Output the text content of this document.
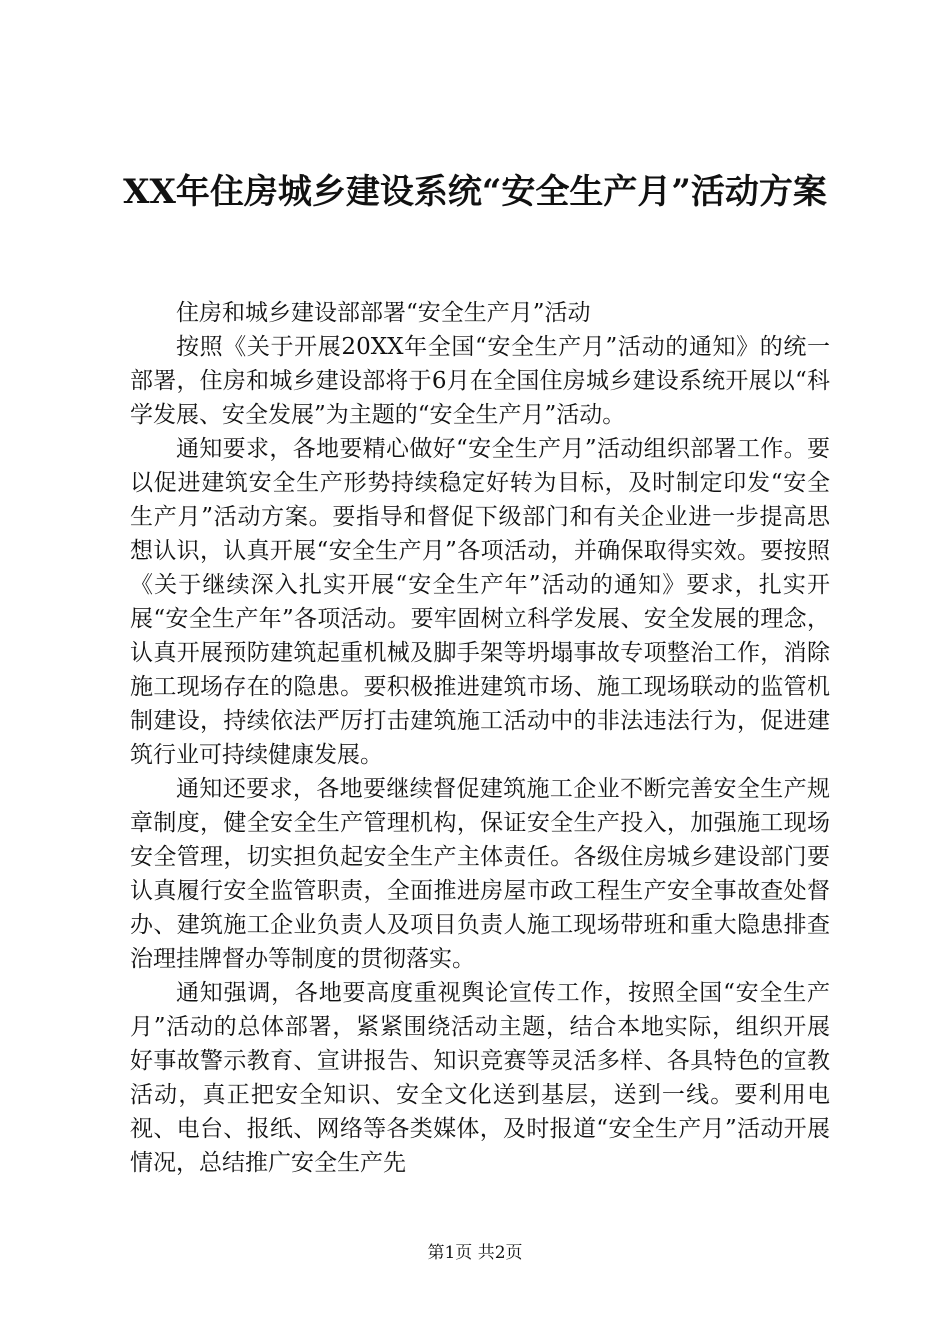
XX年住房城乡建设系统“安全生产月”活动方案

住房和城乡建设部部署“安全生产月”活动

按照《关于开展20XX年全国“安全生产月”活动的通知》的统一部署，住房和城乡建设部将于6月在全国住房城乡建设系统开展以“科学发展、安全发展”为主题的“安全生产月”活动。

通知要求，各地要精心做好“安全生产月”活动组织部署工作。要以促进建筑安全生产形势持续稳定好转为目标，及时制定印发“安全生产月”活动方案。要指导和督促下级部门和有关企业进一步提高思想认识，认真开展“安全生产月”各项活动，并确保取得实效。要按照《关于继续深入扎实开展“安全生产年”活动的通知》要求，扎实开展“安全生产年”各项活动。要牢固树立科学发展、安全发展的理念，认真开展预防建筑起重机械及脚手架等坍塌事故专项整治工作，消除施工现场存在的隐患。要积极推进建筑市场、施工现场联动的监管机制建设，持续依法严厉打击建筑施工活动中的非法违法行为，促进建筑行业可持续健康发展。

通知还要求，各地要继续督促建筑施工企业不断完善安全生产规章制度，健全安全生产管理机构，保证安全生产投入，加强施工现场安全管理，切实担负起安全生产主体责任。各级住房城乡建设部门要认真履行安全监管职责，全面推进房屋市政工程生产安全事故查处督办、建筑施工企业负责人及项目负责人施工现场带班和重大隐患排查治理挂牌督办等制度的贯彻落实。

通知强调，各地要高度重视舆论宣传工作，按照全国“安全生产月”活动的总体部署，紧紧围绕活动主题，结合本地实际，组织开展好事故警示教育、宣讲报告、知识竞赛等灵活多样、各具特色的宣教活动，真正把安全知识、安全文化送到基层，送到一线。要利用电视、电台、报纸、网络等各类媒体，及时报道“安全生产月”活动开展情况，总结推广安全生产先

第1页 共2页
